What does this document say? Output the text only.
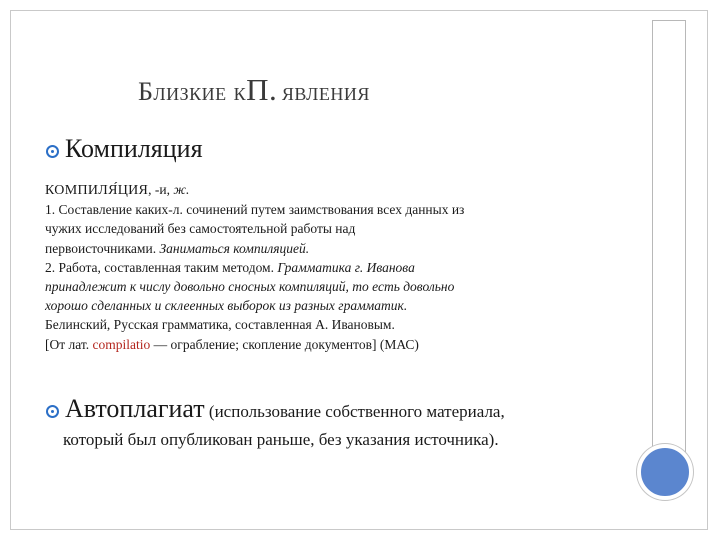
Близкие кП. явления
Компиляция

КОМПИЛЯ́ЦИЯ, -и, ж.

1. Составление каких-л. сочинений путем заимствования всех данных из

чужих исследований без самостоятельной работы над

первоисточниками. Заниматься компиляцией.

2. Работа, составленная таким методом. Грамматика г. Иванова

принадлежит к числу довольно сносных компиляций, то есть довольно

хорошо сделанных и склеенных выборок из разных грамматик.

Белинский, Русская грамматика, составленная А. Ивановым.

[От лат. compilatio — ограбление; скопление документов] (МАС)

Автоплагиат (использование собственного материала,
который был опубликован раньше, без указания источника).
